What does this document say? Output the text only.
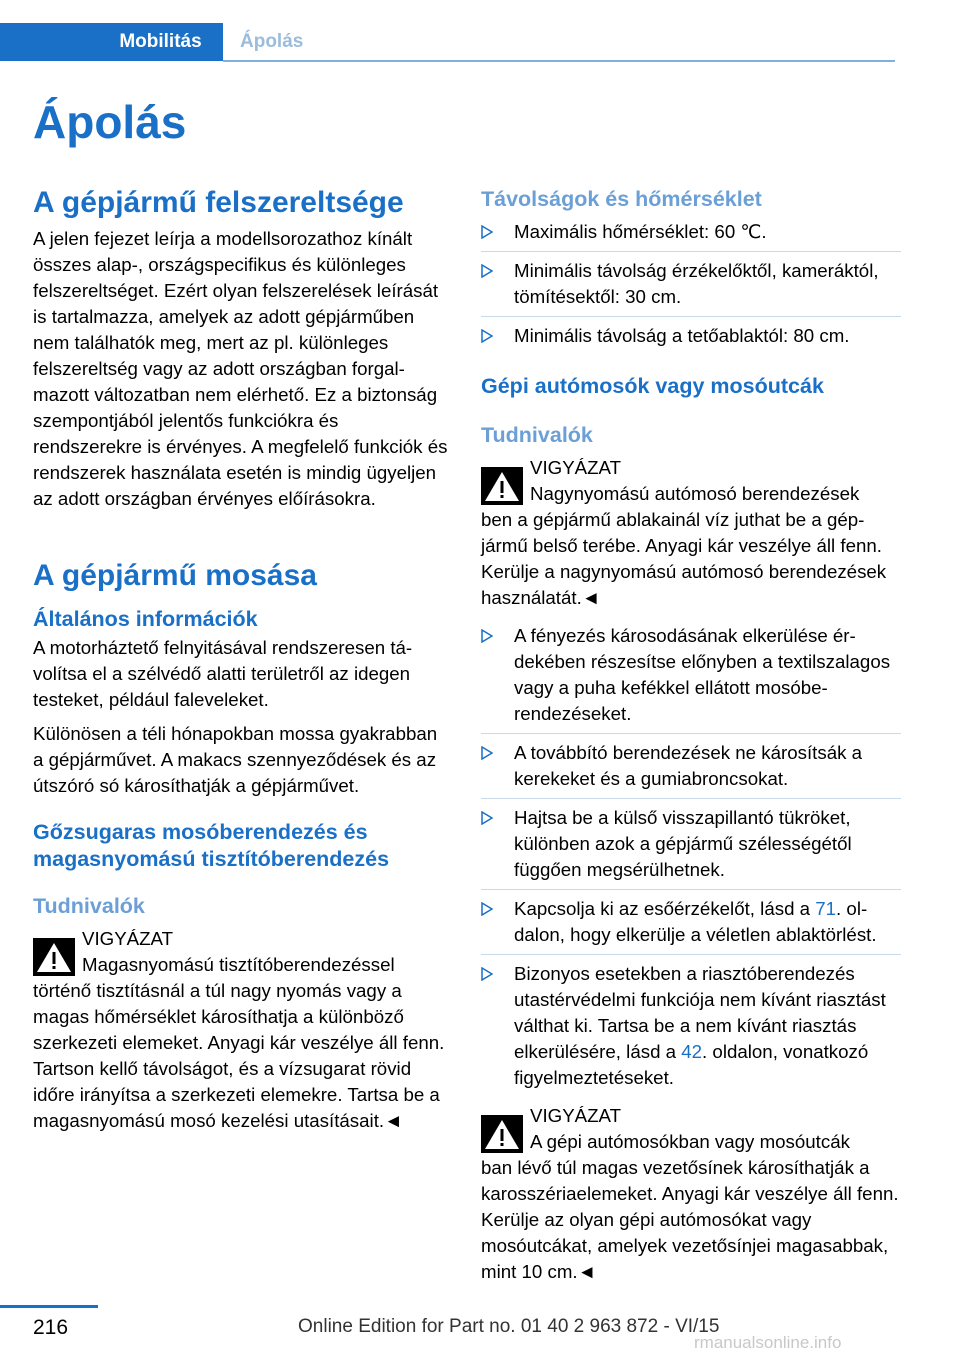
Mobilitás	Ápolás
Ápolás
A gépjármű felszereltsége

A jelen fejezet leírja a modellsorozathoz kínált összes alap-, országspecifikus és különleges felszereltséget. Ezért olyan felszerelések leírását is tartalmazza, amelyek az adott gépjárműben nem találhatók meg, mert az pl. különleges felszereltség vagy az adott országban forgalmazott változatban nem elérhető. Ez a biztonság szempontjából jelentős funkciókra és rendszerekre is érvényes. A megfelelő funkciók és rendszerek használata esetén is mindig ügyeljen az adott országban érvényes előírásokra.

A gépjármű mosása
Általános információk

A motorháztető felnyitásával rendszeresen távolítsa el a szélvédő alatti területről az idegen testeket, például faleveleket.

Különösen a téli hónapokban mossa gyakrabban a gépjárművet. A makacs szennyeződések és az útszóró só károsíthatják a gépjárművet.

Gőzsugaras mosóberendezés és magasnyomású tisztítóberendezés
Tudnivalók
VIGYÁZAT

Magasnyomású tisztítóberendezéssel

történő tisztításnál a túl nagy nyomás vagy a magas hőmérséklet károsíthatja a különböző szerkezeti elemeket. Anyagi kár veszélye áll fenn. Tartson kellő távolságot, és a vízsugarat rövid időre irányítsa a szerkezeti elemekre. Tartsa be a magasnyomású mosó kezelési utasításait.◄

Távolságok és hőmérséklet
Maximális hőmérséklet: 60 ℃.
Minimális távolság érzékelőktől, kameráktól, tömítésektől: 30 cm.
Minimális távolság a tetőablaktól: 80 cm.
Gépi autómosók vagy mosóutcák
Tudnivalók
VIGYÁZAT

Nagynyomású autómosó berendezések

ben a gépjármű ablakainál víz juthat be a gépjármű belső terébe. Anyagi kár veszélye áll fenn. Kerülje a nagynyomású autómosó berendezések használatát.◄

A fényezés károsodásának elkerülése érdekében részesítse előnyben a textilszalagos vagy a puha kefékkel ellátott mosóberendezéseket.
A továbbító berendezések ne károsítsák a kerekeket és a gumiabroncsokat.
Hajtsa be a külső visszapillantó tükröket, különben azok a gépjármű szélességétől függően megsérülhetnek.
Kapcsolja ki az esőérzékelőt, lásd a 71. oldalon, hogy elkerülje a véletlen ablaktörlést.
Bizonyos esetekben a riasztóberendezés utastérvédelmi funkciója nem kívánt riasztást válthat ki. Tartsa be a nem kívánt riasztás elkerülésére, lásd a 42. oldalon, vonatkozó figyelmeztetéseket.
VIGYÁZAT

A gépi autómosókban vagy mosóutcák

ban lévő túl magas vezetősínek károsíthatják a karosszériaelemeket. Anyagi kár veszélye áll fenn. Kerülje az olyan gépi autómosókat vagy mosóutcákat, amelyek vezetősínjei magasabbak, mint 10 cm.◄

216	Online Edition for Part no. 01 40 2 963 872 - VI/15
rmanualsonline.info
